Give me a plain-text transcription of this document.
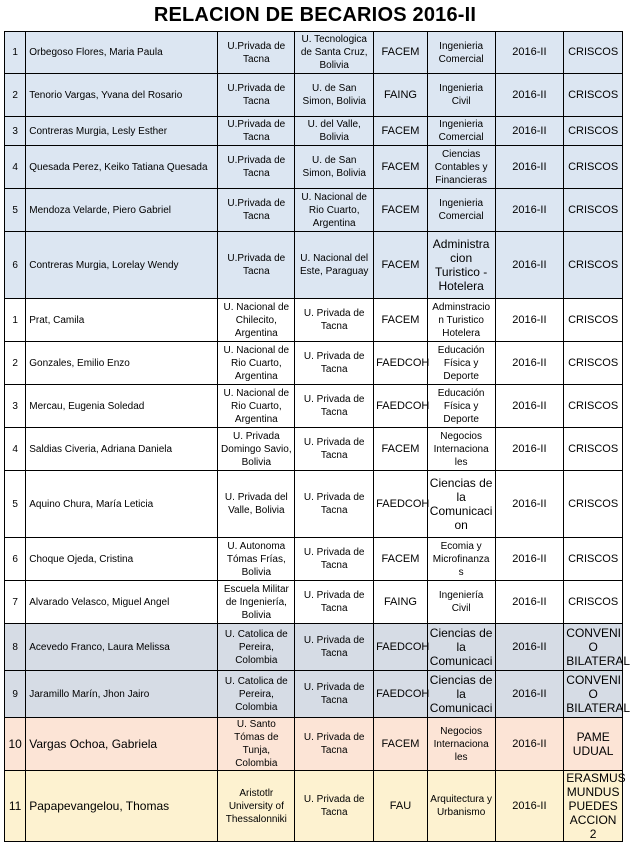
RELACION DE BECARIOS 2016-II
1	Orbegoso Flores, Maria Paula	U.Privada de Tacna	U. Tecnologica de Santa Cruz, Bolivia	FACEM	Ingenieria Comercial	2016-II	CRISCOS
2	Tenorio Vargas, Yvana del Rosario	U.Privada de Tacna	U. de San Simon, Bolivia	FAING	Ingenieria Civil	2016-II	CRISCOS
3	Contreras Murgia, Lesly Esther	U.Privada de Tacna	U. del Valle, Bolivia	FACEM	Ingenieria Comercial	2016-II	CRISCOS
4	Quesada Perez, Keiko Tatiana Quesada	U.Privada de Tacna	U. de San Simon, Bolivia	FACEM	Ciencias Contables y Financieras	2016-II	CRISCOS
5	Mendoza Velarde, Piero Gabriel	U.Privada de Tacna	U. Nacional de Rio Cuarto, Argentina	FACEM	Ingenieria Comercial	2016-II	CRISCOS
6	Contreras Murgia, Lorelay Wendy	U.Privada de Tacna	U. Nacional del Este, Paraguay	FACEM	Administra cion Turistico - Hotelera	2016-II	CRISCOS
1	Prat, Camila	U. Nacional de Chilecito, Argentina	U. Privada de Tacna	FACEM	Adminstracio n Turistico Hotelera	2016-II	CRISCOS
2	Gonzales, Emilio Enzo	U. Nacional de Rio Cuarto, Argentina	U. Privada de Tacna	FAEDCOH	Educación Física y Deporte	2016-II	CRISCOS
3	Mercau, Eugenia Soledad	U. Nacional de Rio Cuarto, Argentina	U. Privada de Tacna	FAEDCOH	Educación Física y Deporte	2016-II	CRISCOS
4	Saldias Civeria, Adriana Daniela	U. Privada Domingo Savio, Bolivia	U. Privada de Tacna	FACEM	Negocios Internaciona les	2016-II	CRISCOS
5	Aquino Chura, María Leticia	U. Privada del Valle, Bolivia	U. Privada de Tacna	FAEDCOH	Ciencias de la Comunicaci on	2016-II	CRISCOS
6	Choque Ojeda, Cristina	U. Autonoma Tómas Frías, Bolivia	U. Privada de Tacna	FACEM	Ecomia y Microfinanza s	2016-II	CRISCOS
7	Alvarado Velasco, Miguel Angel	Escuela Militar de Ingeniería, Bolivia	U. Privada de Tacna	FAING	Ingeniería Civil	2016-II	CRISCOS
8	Acevedo Franco, Laura Melissa	U. Catolica de Pereira, Colombia	U. Privada de Tacna	FAEDCOH	Ciencias de la Comunicaci	2016-II	CONVENI O BILATERAL
9	Jaramillo Marín, Jhon Jairo	U. Catolica de Pereira, Colombia	U. Privada de Tacna	FAEDCOH	Ciencias de la Comunicaci	2016-II	CONVENI O BILATERAL
10	Vargas Ochoa, Gabriela	U. Santo Tómas de Tunja, Colombia	U. Privada de Tacna	FACEM	Negocios Internaciona les	2016-II	PAME UDUAL
11	Papapevangelou, Thomas	Aristotlr University of Thessalonniki	U. Privada de Tacna	FAU	Arquitectura y Urbanismo	2016-II	ERASMUS MUNDUS PUEDES ACCION 2
